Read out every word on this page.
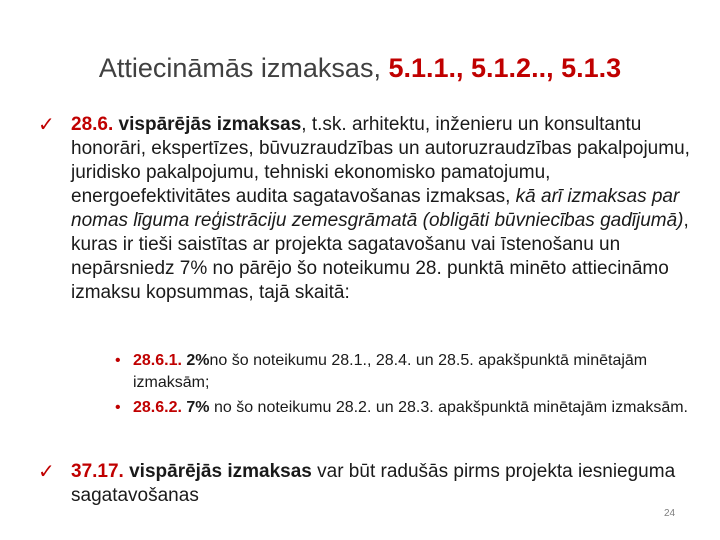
Attiecināmās izmaksas, 5.1.1., 5.1.2.., 5.1.3
✓ 28.6. vispārējās izmaksas, t.sk. arhitektu, inženieru un konsultantu honorāri, ekspertīzes, būvuzraudzības un autoruzraudzības pakalpojumu, juridisko pakalpojumu, tehniski ekonomisko pamatojumu, energoefektivitātes audita sagatavošanas izmaksas, kā arī izmaksas par nomas līguma reģistrāciju zemesgrāmatā (obligāti būvniecības gadījumā), kuras ir tieši saistītas ar projekta sagatavošanu vai īstenošanu un nepārsniedz 7% no pārējo šo noteikumu 28. punktā minēto attiecināmo izmaksu kopsummas, tajā skaitā:
• 28.6.1. 2%no šo noteikumu 28.1., 28.4. un 28.5. apakšpunktā minētajām izmaksām;
• 28.6.2. 7% no šo noteikumu 28.2. un 28.3. apakšpunktā minētajām izmaksām.
✓ 37.17. vispārējās izmaksas var būt radušās pirms projekta iesnieguma sagatavošanas
24
